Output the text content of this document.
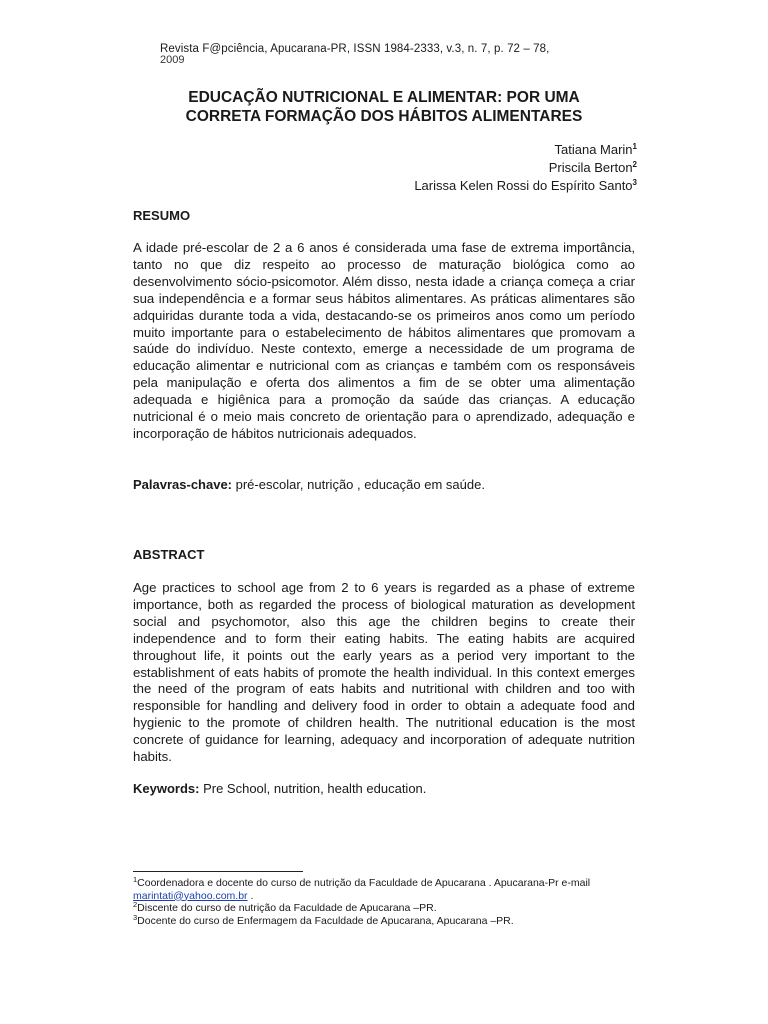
Revista F@pciência, Apucarana-PR, ISSN 1984-2333, v.3, n. 7, p. 72 – 78,
2009
EDUCAÇÃO NUTRICIONAL E ALIMENTAR: POR UMA
CORRETA FORMAÇÃO DOS HÁBITOS ALIMENTARES
Tatiana Marin$^1$
Priscila Berton$^2$
Larissa Kelen Rossi do Espírito Santo$^3$
RESUMO
A idade pré-escolar de 2 a 6 anos é considerada uma fase de extrema importância, tanto no que diz respeito ao processo de maturação biológica como ao desenvolvimento sócio-psicomotor. Além disso, nesta idade a criança começa a criar sua independência e a formar seus hábitos alimentares. As práticas alimentares são adquiridas durante toda a vida, destacando-se os primeiros anos como um período muito importante para o estabelecimento de hábitos alimentares que promovam a saúde do indivíduo. Neste contexto, emerge a necessidade de um programa de educação alimentar e nutricional com as crianças e também com os responsáveis pela manipulação e oferta dos alimentos a fim de se obter uma alimentação adequada e higiênica para a promoção da saúde das crianças. A educação nutricional é o meio mais concreto de orientação para o aprendizado, adequação e incorporação de hábitos nutricionais adequados.
Palavras-chave: pré-escolar, nutrição , educação em saúde.
ABSTRACT
Age practices to school age from 2 to 6 years is regarded as a phase of extreme importance, both as regarded the process of biological maturation as development social and psychomotor, also this age the children begins to create their independence and to form their eating habits. The eating habits are acquired throughout life, it points out the early years as a period very important to the establishment of eats habits of promote the health individual. In this context emerges the need of the program of eats habits and nutritional with children and too with responsible for handling and delivery food in order to obtain a adequate food and hygienic to the promote of children health. The nutritional education is the most concrete of guidance for learning, adequacy and incorporation of adequate nutrition habits.
Keywords: Pre School, nutrition, health education.
$^1$Coordenadora e docente do curso de nutrição da Faculdade de Apucarana . Apucarana-Pr e-mail marintati@yahoo.com.br .
$^2$Discente do curso de nutrição da Faculdade de Apucarana –PR.
$^3$Docente do curso de Enfermagem da Faculdade de Apucarana, Apucarana –PR.
